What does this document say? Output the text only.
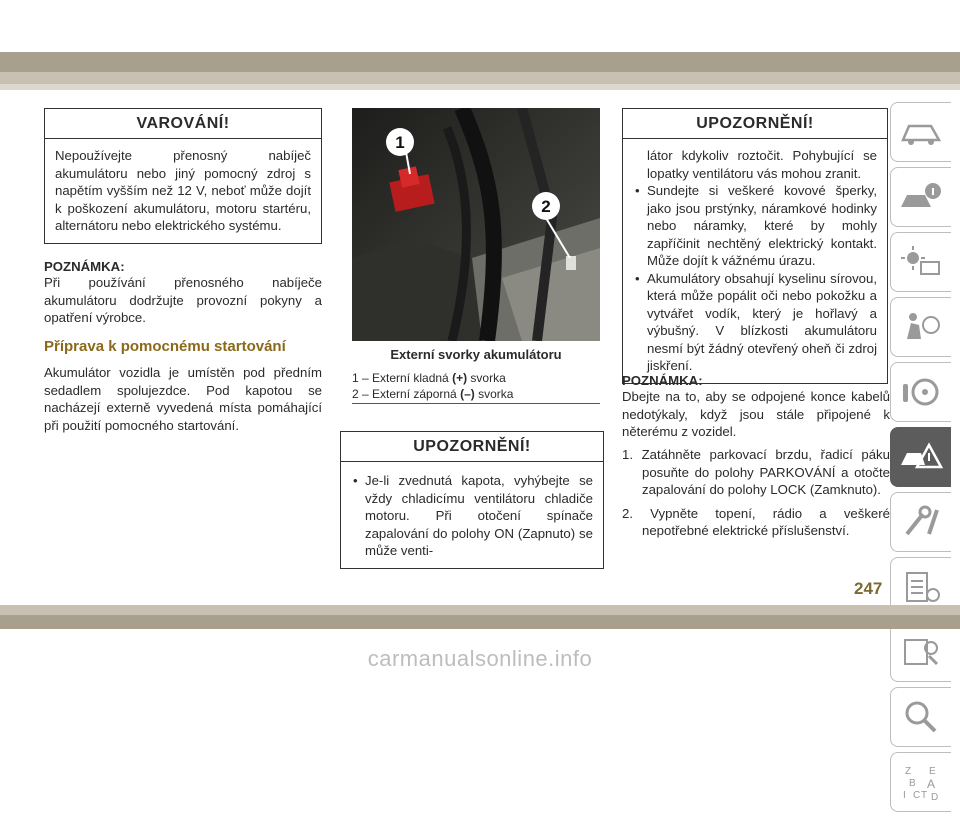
VAROVÁNÍ!
Nepoužívejte přenosný nabíječ akumulátoru nebo jiný pomocný zdroj s napětím vyšším než 12 V, neboť může dojít k poškození akumulátoru, motoru startéru, alternátoru nebo elektrického systému.
POZNÁMKA:
Při používání přenosného nabíječe akumulátoru dodržujte provozní pokyny a opatření výrobce.
Příprava k pomocnému startování
Akumulátor vozidla je umístěn pod předním sedadlem spolujezdce. Pod kapotou se nacházejí externě vyvedená místa pomáhající při použití pomocného startování.
1
2
Externí svorky akumulátoru
1 – Externí kladná (+) svorka
2 – Externí záporná (–) svorka
UPOZORNĚNÍ!
• Je-li zvednutá kapota, vyhýbejte se vždy chladicímu ventilátoru chladiče motoru. Při otočení spínače zapalování do polohy ON (Zapnuto) se může venti-
UPOZORNĚNÍ!
látor kdykoliv roztočit. Pohybující se lopatky ventilátoru vás mohou zranit.
• Sundejte si veškeré kovové šperky, jako jsou prstýnky, náramkové hodinky nebo náramky, které by mohly zapříčinit nechtěný elektrický kontakt. Může dojít k vážnému úrazu.
• Akumulátory obsahují kyselinu sírovou, která může popálit oči nebo pokožku a vytvářet vodík, který je hořlavý a výbušný. V blízkosti akumulátoru nesmí být žádný otevřený oheň či zdroj jiskření.
POZNÁMKA:
Dbejte na to, aby se odpojené konce kabelů nedotýkaly, když jsou stále připojené k něterému z vozidel.
1. Zatáhněte parkovací brzdu, řadicí páku posuňte do polohy PARKOVÁNÍ a otočte zapalování do polohy LOCK (Zamknuto).
2. Vypněte topení, rádio a veškeré nepotřebné elektrické příslušenství.
Z E
B A
I C D
T
247
carmanualsonline.info
